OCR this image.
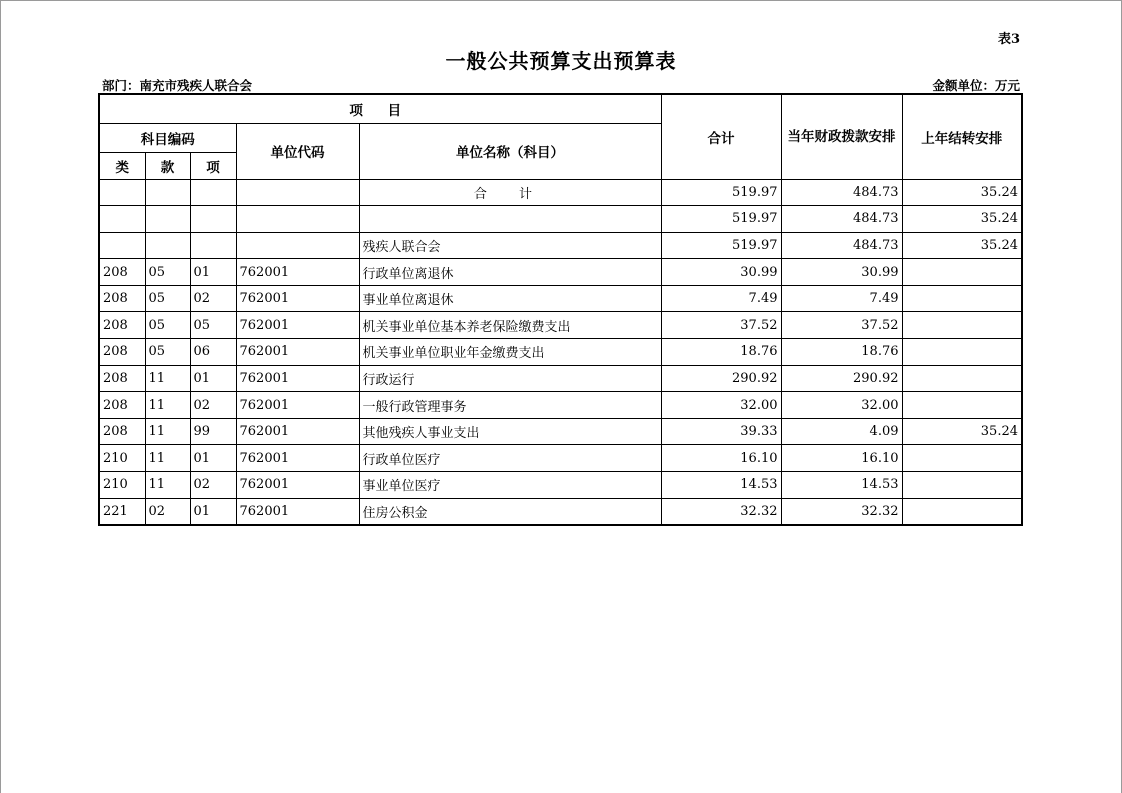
表3
一般公共预算支出预算表
部门：南充市残疾人联合会	金额单位：万元
项 目					合计	当年财政拨款安排	上年结转安排
科目编码			单位代码	单位名称（科目）			
类	款	项					
				合 计	519.97	484.73	35.24
					519.97	484.73	35.24
				残疾人联合会	519.97	484.73	35.24
208	05	01	762001	行政单位离退休	30.99	30.99	
208	05	02	762001	事业单位离退休	7.49	7.49	
208	05	05	762001	机关事业单位基本养老保险缴费支出	37.52	37.52	
208	05	06	762001	机关事业单位职业年金缴费支出	18.76	18.76	
208	11	01	762001	行政运行	290.92	290.92	
208	11	02	762001	一般行政管理事务	32.00	32.00	
208	11	99	762001	其他残疾人事业支出	39.33	4.09	35.24
210	11	01	762001	行政单位医疗	16.10	16.10	
210	11	02	762001	事业单位医疗	14.53	14.53	
221	02	01	762001	住房公积金	32.32	32.32	
